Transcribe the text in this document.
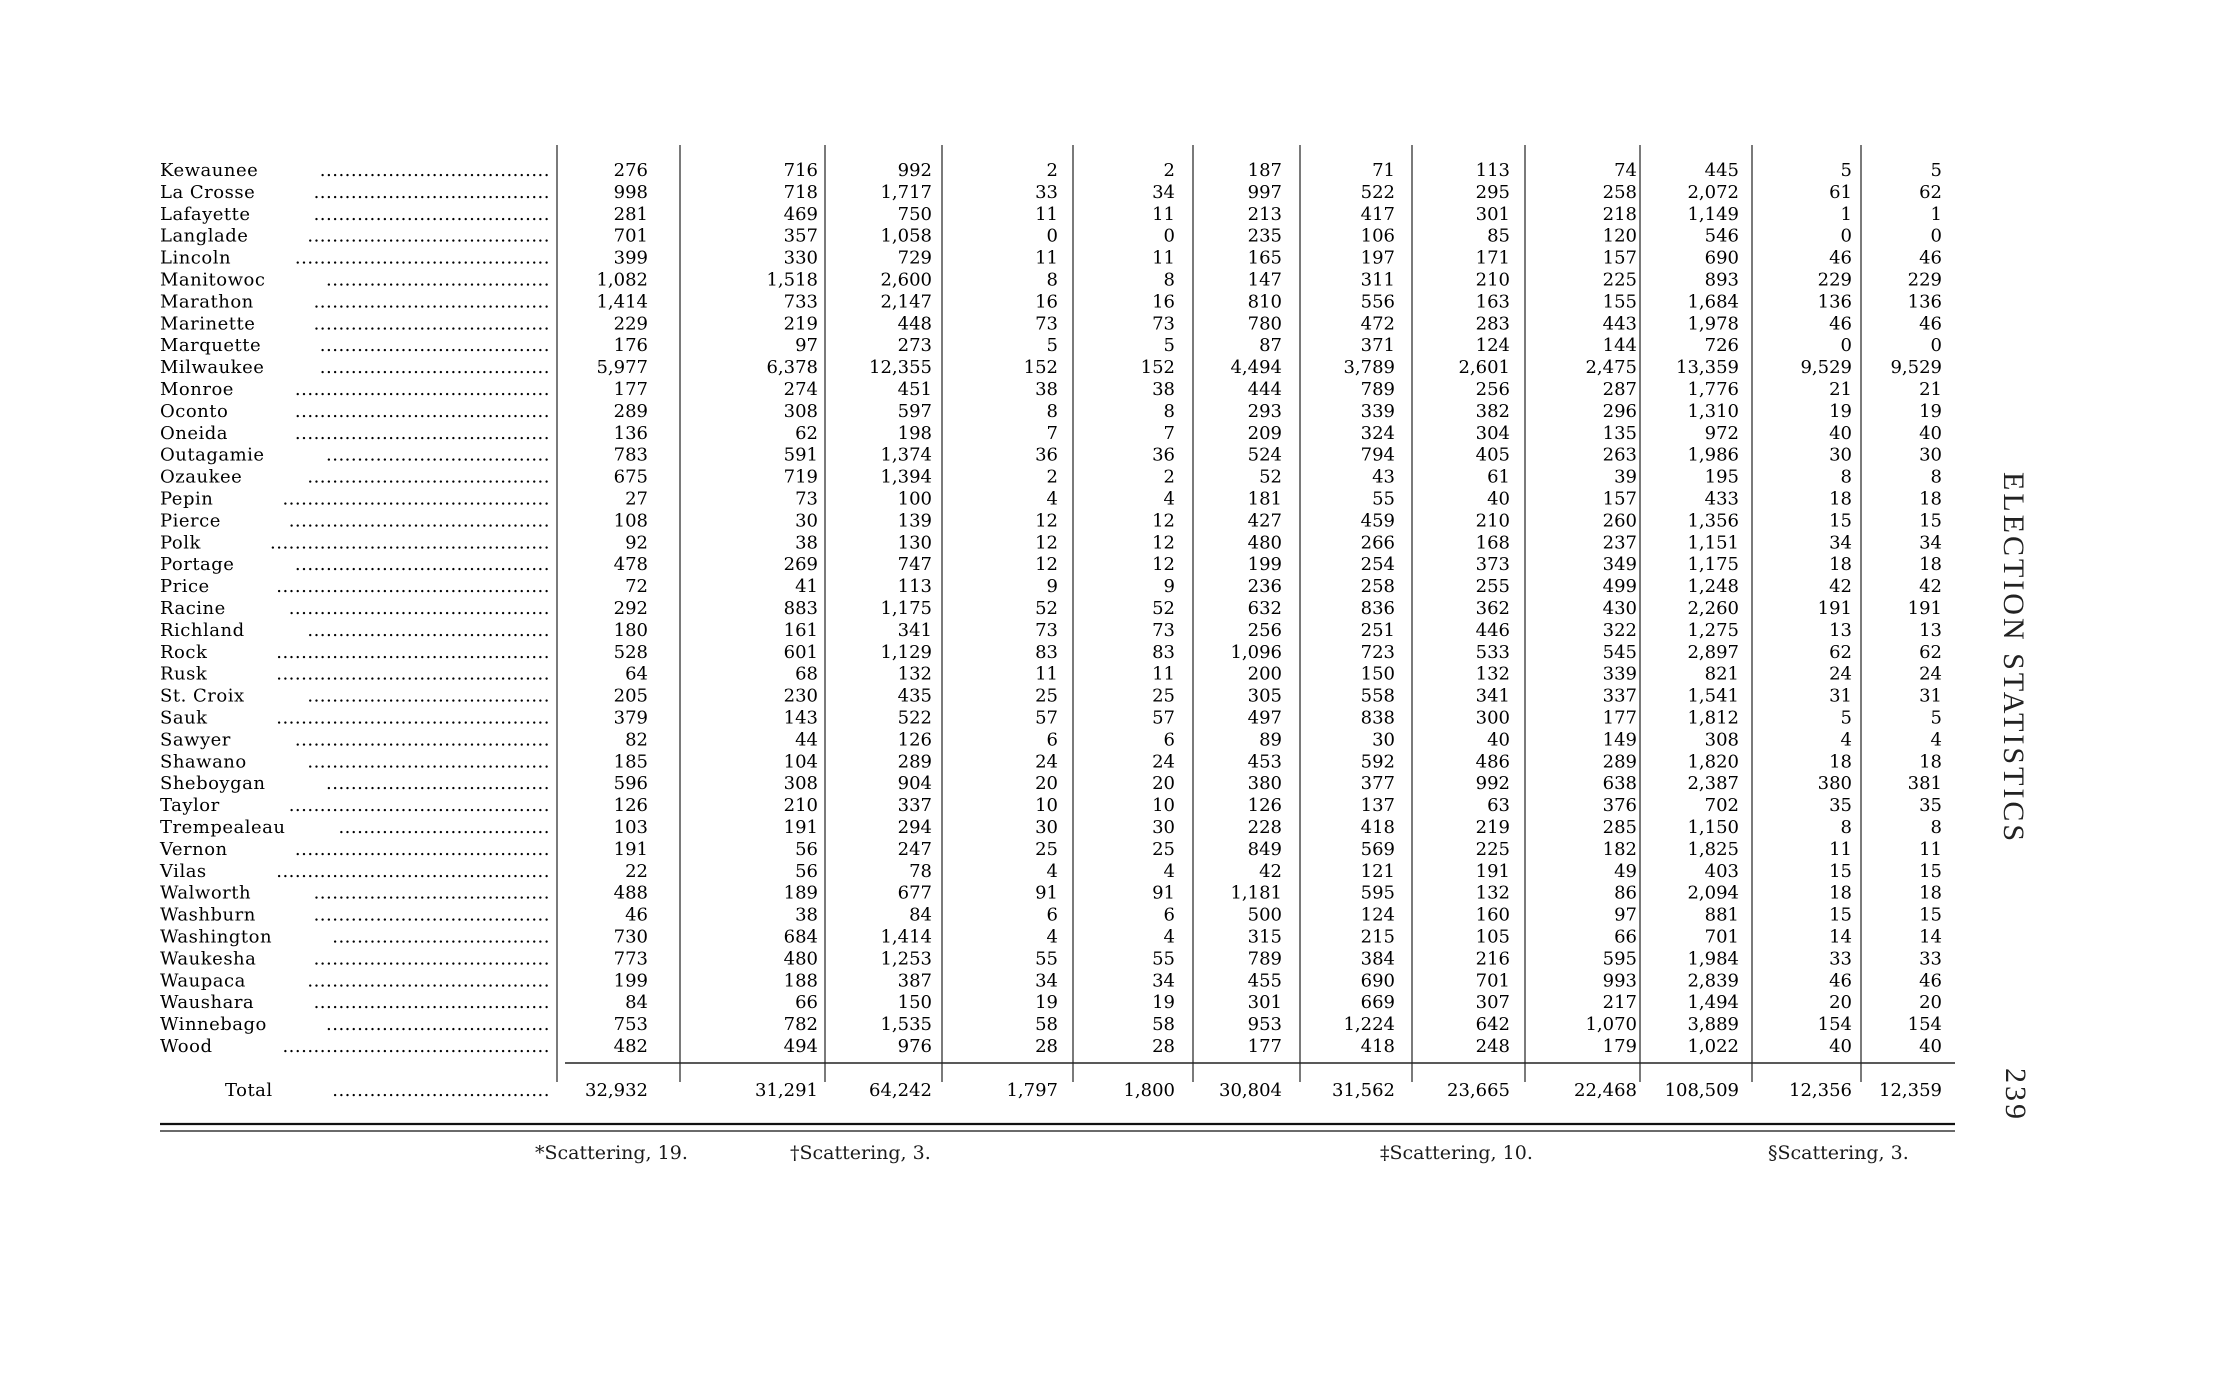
Kewaunee	.....................................	276	716	992	2	2	187	71	113	74	445	5	5
La Crosse	......................................	998	718	1,717	33	34	997	522	295	258	2,072	61	62
Lafayette	......................................	281	469	750	11	11	213	417	301	218	1,149	1	1
Langlade	.......................................	701	357	1,058	0	0	235	106	85	120	546	0	0
Lincoln	.........................................	399	330	729	11	11	165	197	171	157	690	46	46
Manitowoc	....................................	1,082	1,518	2,600	8	8	147	311	210	225	893	229	229
Marathon	......................................	1,414	733	2,147	16	16	810	556	163	155	1,684	136	136
Marinette	......................................	229	219	448	73	73	780	472	283	443	1,978	46	46
Marquette	.....................................	176	97	273	5	5	87	371	124	144	726	0	0
Milwaukee	.....................................	5,977	6,378	12,355	152	152	4,494	3,789	2,601	2,475 13,359	9,529 9,529
Monroe	.........................................	177	274	451	38	38	444	789	256	287	1,776	21	21
Oconto	.........................................	289	308	597	8	8	293	339	382	296	1,310	19	19
Oneida	.........................................	136	62	198	7	7	209	324	304	135	972	40	40
Outagamie	....................................	783	591	1,374	36	36	524	794	405	263	1,986	30	30
Ozaukee	.......................................	675	719	1,394	2	2	52	43	61	39	195	8	8
Pepin	...........................................	27	73	100	4	4	181	55	40	157	433	18	18
Pierce	..........................................	108	30	139	12	12	427	459	210	260	1,356	15	15
Polk	.............................................	92	38	130	12	12	480	266	168	237	1,151	34	34
Portage	.........................................	478	269	747	12	12	199	254	373	349	1,175	18	18
Price	............................................	72	41	113	9	9	236	258	255	499	1,248	42	42
Racine	..........................................	292	883	1,175	52	52	632	836	362	430	2,260	191	191
Richland	.......................................	180	161	341	73	73	256	251	446	322	1,275	13	13
Rock	............................................	528	601	1,129	83	83	1,096	723	533	545	2,897	62	62
Rusk	............................................	64	68	132	11	11	200	150	132	339	821	24	24
St. Croix	.......................................	205	230	435	25	25	305	558	341	337	1,541	31	31
Sauk	............................................	379	143	522	57	57	497	838	300	177	1,812	5	5
Sawyer	.........................................	82	44	126	6	6	89	30	40	149	308	4	4
Shawano	.......................................	185	104	289	24	24	453	592	486	289	1,820	18	18
Sheboygan	....................................	596	308	904	20	20	380	377	992	638	2,387	380	381
Taylor	..........................................	126	210	337	10	10	126	137	63	376	702	35	35
Trempealeau	..................................	103	191	294	30	30	228	418	219	285	1,150	8	8
Vernon	.........................................	191	56	247	25	25	849	569	225	182	1,825	11	11
Vilas	............................................	22	56	78	4	4	42	121	191	49	403	15	15
Walworth	......................................	488	189	677	91	91	1,181	595	132	86	2,094	18	18
Washburn	......................................	46	38	84	6	6	500	124	160	97	881	15	15
Washington	...................................	730	684	1,414	4	4	315	215	105	66	701	14	14
Waukesha	......................................	773	480	1,253	55	55	789	384	216	595	1,984	33	33
Waupaca	.......................................	199	188	387	34	34	455	690	701	993	2,839	46	46
Waushara	......................................	84	66	150	19	19	301	669	307	217	1,494	20	20
Winnebago	....................................	753	782	1,535	58	58	953	1,224	642	1,070	3,889	154	154
Wood	...........................................	482	494	976	28	28	177	418	248	179	1,022	40	40
Total	................................... 32,932	31,291	64,242	1,797	1,800 30,804	31,562	23,665	22,468 108,509	12,356 12,359
ELECTION STATISTICS
239
*Scattering, 19.	†Scattering, 3.	‡Scattering, 10.	§Scattering, 3.
